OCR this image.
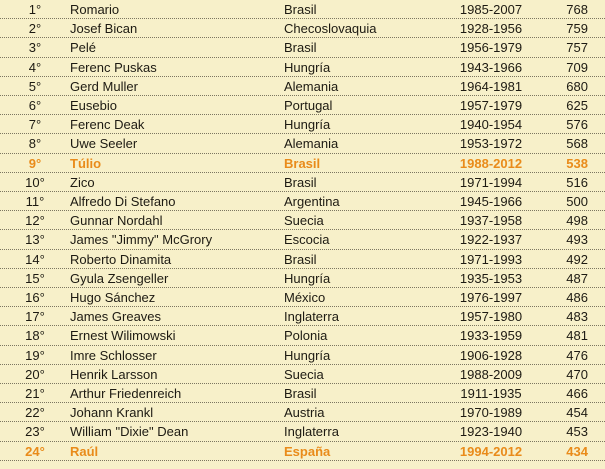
1°	Romario	Brasil	1985-2007	768
2°	Josef Bican	Checoslovaquia	1928-1956	759
3°	Pelé	Brasil	1956-1979	757
4°	Ferenc Puskas	Hungría	1943-1966	709
5°	Gerd Muller	Alemania	1964-1981	680
6°	Eusebio	Portugal	1957-1979	625
7°	Ferenc Deak	Hungría	1940-1954	576
8°	Uwe Seeler	Alemania	1953-1972	568
9°	Túlio	Brasil	1988-2012	538
10°	Zico	Brasil	1971-1994	516
11°	Alfredo Di Stefano	Argentina	1945-1966	500
12°	Gunnar Nordahl	Suecia	1937-1958	498
13°	James "Jimmy" McGrory	Escocia	1922-1937	493
14°	Roberto Dinamita	Brasil	1971-1993	492
15°	Gyula Zsengeller	Hungría	1935-1953	487
16°	Hugo Sánchez	México	1976-1997	486
17°	James Greaves	Inglaterra	1957-1980	483
18°	Ernest Wilimowski	Polonia	1933-1959	481
19°	Imre Schlosser	Hungría	1906-1928	476
20°	Henrik Larsson	Suecia	1988-2009	470
21°	Arthur Friedenreich	Brasil	1911-1935	466
22°	Johann Krankl	Austria	1970-1989	454
23°	William "Dixie" Dean	Inglaterra	1923-1940	453
24°	Raúl	España	1994-2012	434
